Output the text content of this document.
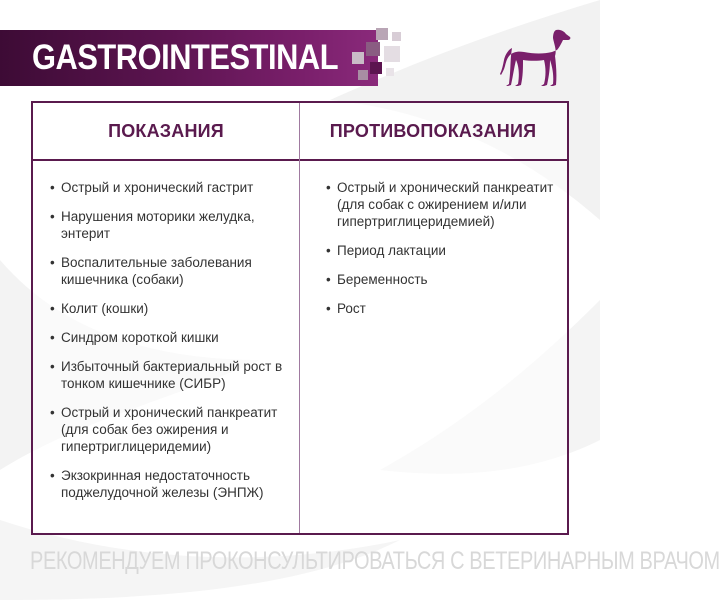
GASTROINTESTINAL
ПОКАЗАНИЯ	ПРОТИВОПОКАЗАНИЯ
• Острый и хронический гастрит
• Нарушения моторики желудка, энтерит
• Воспалительные заболевания кишечника (собаки)
• Колит (кошки)
• Синдром короткой кишки
• Избыточный бактериальный рост в тонком кишечнике (СИБР)
• Острый и хронический панкреатит (для собак без ожирения и гипертриглицеридемии)
• Экзокринная недостаточность поджелудочной железы (ЭНПЖ)
• Острый и хронический панкреатит (для собак с ожирением и/или гипертриглицеридемией)
• Период лактации
• Беременность
• Рост
РЕКОМЕНДУЕМ ПРОКОНСУЛЬТИРОВАТЬСЯ С ВЕТЕРИНАРНЫМ ВРАЧОМ
